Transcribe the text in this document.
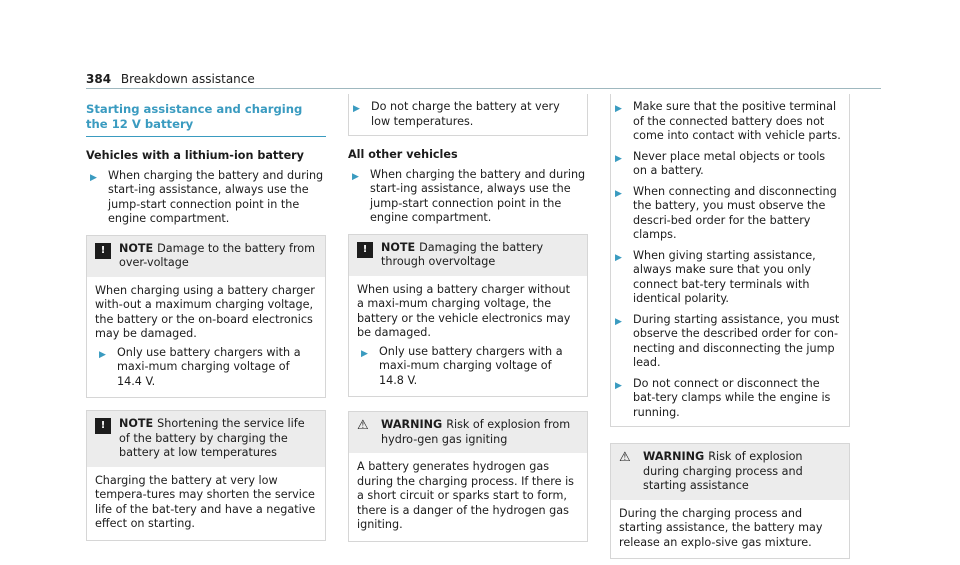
384 Breakdown assistance
Starting assistance and charging the 12 V battery
Vehicles with a lithium-ion battery
▶ When charging the battery and during start-ing assistance, always use the jump-start connection point in the engine compartment.
!	NOTE Damage to the battery from over-voltage
When charging using a battery charger with-out a maximum charging voltage, the battery or the on-board electronics may be damaged.
▶ Only use battery chargers with a maxi-mum charging voltage of 14.4 V.
!	NOTE Shortening the service life of the battery by charging the battery at low temperatures
Charging the battery at very low tempera-tures may shorten the service life of the bat-tery and have a negative effect on starting.
▶ Do not charge the battery at very low temperatures.
All other vehicles
▶ When charging the battery and during start-ing assistance, always use the jump-start connection point in the engine compartment.
!	NOTE Damaging the battery through overvoltage
When using a battery charger without a maxi-mum charging voltage, the battery or the vehicle electronics may be damaged.
▶ Only use battery chargers with a maxi-mum charging voltage of 14.8 V.
⚠	WARNING Risk of explosion from hydro-gen gas igniting
A battery generates hydrogen gas during the charging process. If there is a short circuit or sparks start to form, there is a danger of the hydrogen gas igniting.
▶ Make sure that the positive terminal of the connected battery does not come into contact with vehicle parts.
▶ Never place metal objects or tools on a battery.
▶ When connecting and disconnecting the battery, you must observe the descri-bed order for the battery clamps.
▶ When giving starting assistance, always make sure that you only connect bat-tery terminals with identical polarity.
▶ During starting assistance, you must observe the described order for con-necting and disconnecting the jump lead.
▶ Do not connect or disconnect the bat-tery clamps while the engine is running.
⚠	WARNING Risk of explosion during charging process and starting assistance
During the charging process and starting assistance, the battery may release an explo-sive gas mixture.
